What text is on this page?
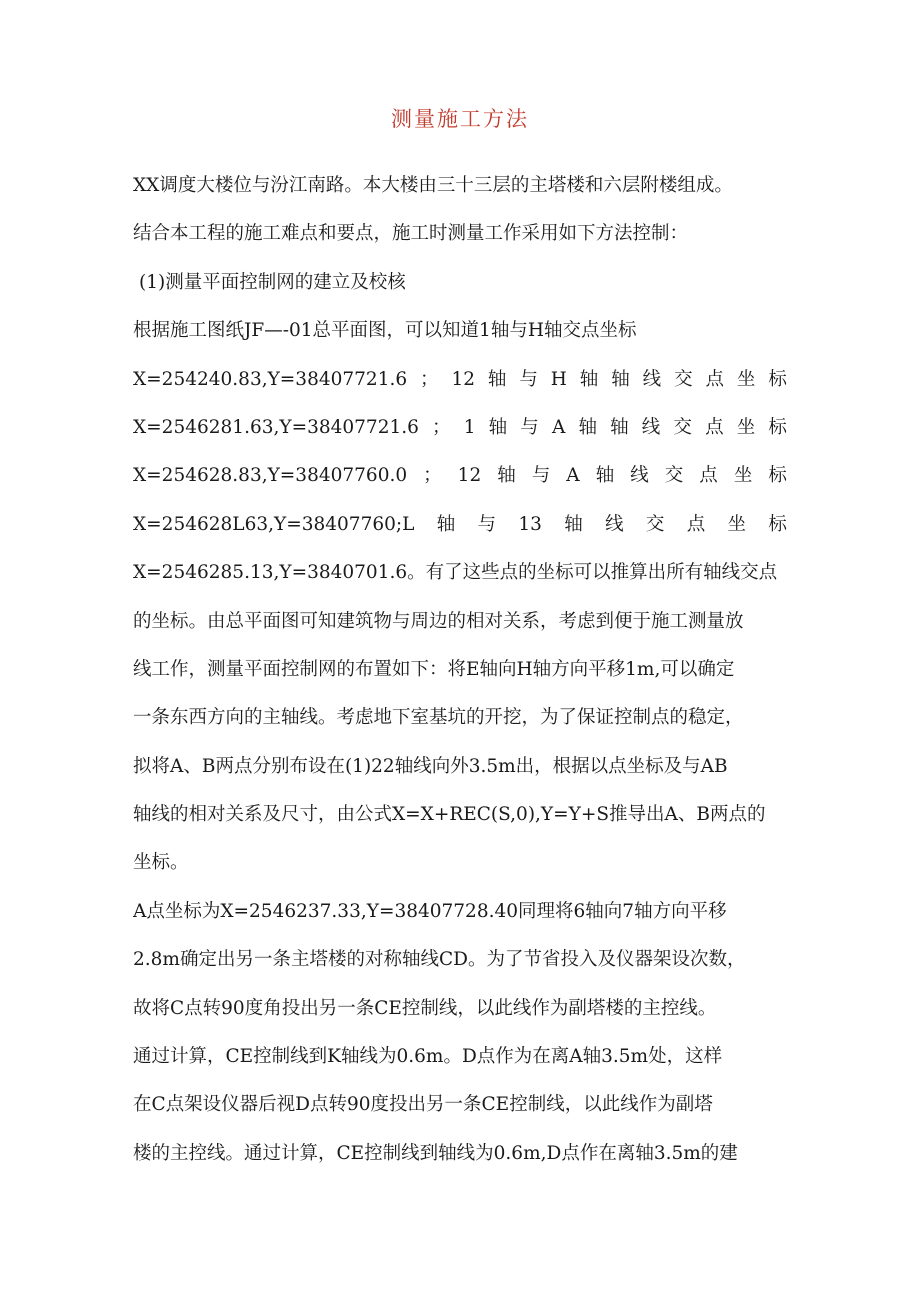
测量施工方法
XX调度大楼位与汾江南路。本大楼由三十三层的主塔楼和六层附楼组成。
结合本工程的施工难点和要点，施工时测量工作采用如下方法控制：
(1)测量平面控制网的建立及校核
根据施工图纸JF—-01总平面图，可以知道1轴与H轴交点坐标
X=254240.83,Y=38407721.6 ； 12 轴 与 H 轴 轴 线 交 点 坐 标
X=2546281.63,Y=38407721.6 ； 1 轴 与 A 轴 轴 线 交 点 坐 标
X=254628.83,Y=38407760.0 ； 12 轴 与 A 轴 线 交 点 坐 标
X=254628L63,Y=38407760;L 轴 与 13 轴 线 交 点 坐 标
X=2546285.13,Y=3840701.6。有了这些点的坐标可以推算出所有轴线交点
的坐标。由总平面图可知建筑物与周边的相对关系，考虑到便于施工测量放
线工作，测量平面控制网的布置如下：将E轴向H轴方向平移1m,可以确定
一条东西方向的主轴线。考虑地下室基坑的开挖，为了保证控制点的稳定，
拟将A、B两点分别布设在(1)22轴线向外3.5m出，根据以点坐标及与AB
轴线的相对关系及尺寸，由公式X=X+REC(S,0),Y=Y+S推导出A、B两点的
坐标。
A点坐标为X=2546237.33,Y=38407728.40同理将6轴向7轴方向平移
2.8m确定出另一条主塔楼的对称轴线CD。为了节省投入及仪器架设次数，
故将C点转90度角投出另一条CE控制线，以此线作为副塔楼的主控线。
通过计算，CE控制线到K轴线为0.6m。D点作为在离A轴3.5m处，这样
在C点架设仪器后视D点转90度投出另一条CE控制线，以此线作为副塔
楼的主控线。通过计算，CE控制线到轴线为0.6m,D点作在离轴3.5m的建
